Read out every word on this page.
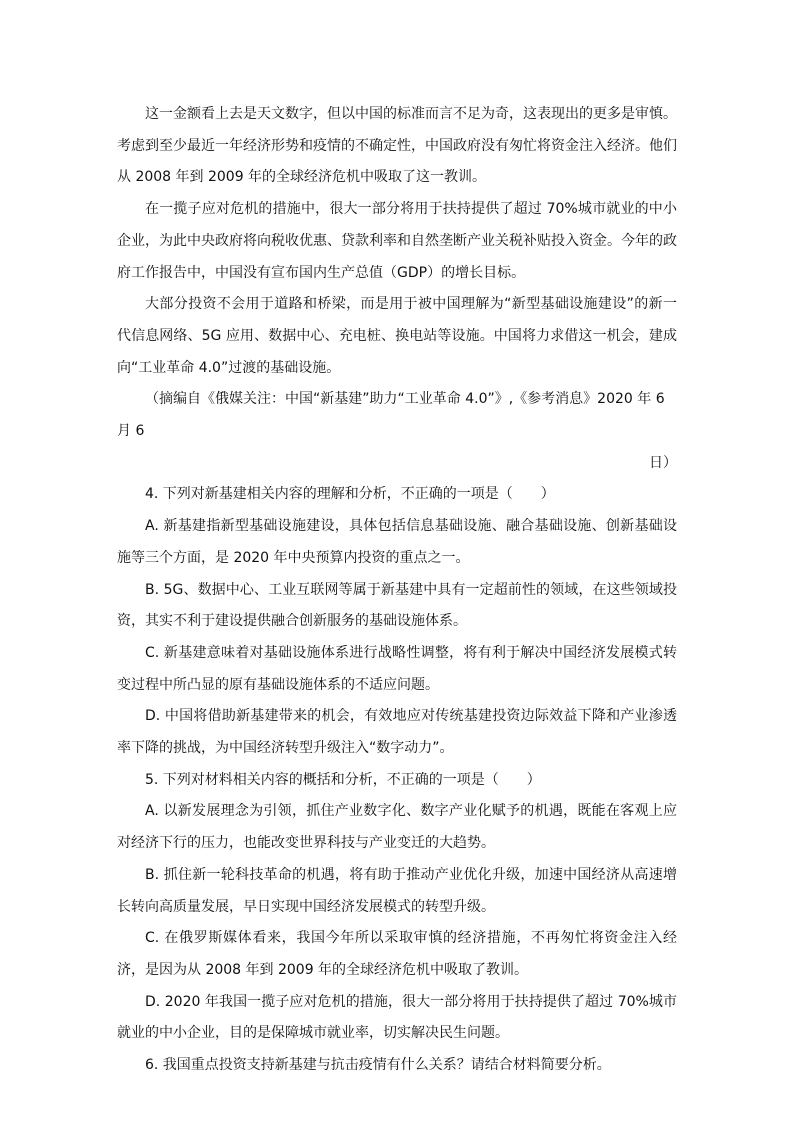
这一金额看上去是天文数字，但以中国的标准而言不足为奇，这表现出的更多是审慎。考虑到至少最近一年经济形势和疫情的不确定性，中国政府没有匆忙将资金注入经济。他们从 2008 年到 2009 年的全球经济危机中吸取了这一教训。

在一揽子应对危机的措施中，很大一部分将用于扶持提供了超过 70%城市就业的中小企业，为此中央政府将向税收优惠、贷款利率和自然垄断产业关税补贴投入资金。今年的政府工作报告中，中国没有宣布国内生产总值（GDP）的增长目标。

大部分投资不会用于道路和桥梁，而是用于被中国理解为“新型基础设施建设”的新一代信息网络、5G 应用、数据中心、充电桩、换电站等设施。中国将力求借这一机会，建成向“工业革命 4.0”过渡的基础设施。

（摘编自《俄媒关注：中国“新基建”助力“工业革命 4.0”》,《参考消息》2020 年 6 月 6
日）

4. 下列对新基建相关内容的理解和分析，不正确的一项是（　　）

A. 新基建指新型基础设施建设，具体包括信息基础设施、融合基础设施、创新基础设施等三个方面，是 2020 年中央预算内投资的重点之一。

B. 5G、数据中心、工业互联网等属于新基建中具有一定超前性的领域，在这些领域投资，其实不利于建设提供融合创新服务的基础设施体系。

C. 新基建意味着对基础设施体系进行战略性调整，将有利于解决中国经济发展模式转变过程中所凸显的原有基础设施体系的不适应问题。

D. 中国将借助新基建带来的机会，有效地应对传统基建投资边际效益下降和产业渗透率下降的挑战，为中国经济转型升级注入“数字动力”。

5. 下列对材料相关内容的概括和分析，不正确的一项是（　　）

A. 以新发展理念为引领，抓住产业数字化、数字产业化赋予的机遇，既能在客观上应对经济下行的压力，也能改变世界科技与产业变迁的大趋势。

B. 抓住新一轮科技革命的机遇，将有助于推动产业优化升级，加速中国经济从高速增长转向高质量发展，早日实现中国经济发展模式的转型升级。

C. 在俄罗斯媒体看来，我国今年所以采取审慎的经济措施，不再匆忙将资金注入经济，是因为从 2008 年到 2009 年的全球经济危机中吸取了教训。

D. 2020 年我国一揽子应对危机的措施，很大一部分将用于扶持提供了超过 70%城市就业的中小企业，目的是保障城市就业率，切实解决民生问题。

6. 我国重点投资支持新基建与抗击疫情有什么关系？请结合材料简要分析。
